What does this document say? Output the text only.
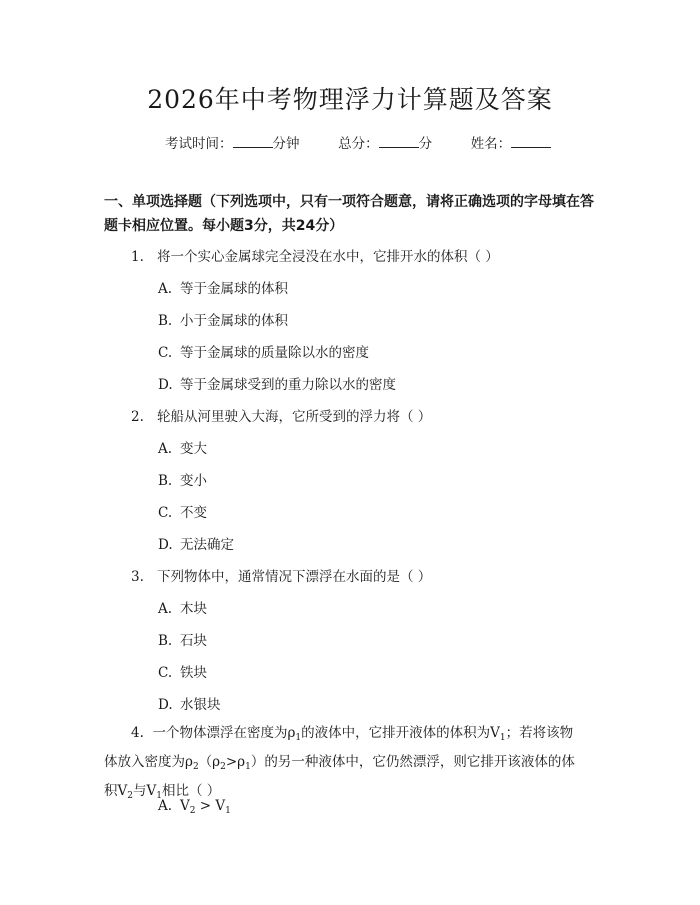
2026年中考物理浮力计算题及答案
考试时间：	分钟	总分：	分	姓名：
一、单项选择题（下列选项中，只有一项符合题意，请将正确选项的字母填在答题卡相应位置。每小题3分，共24分）
1. 将一个实心金属球完全浸没在水中，它排开水的体积（ ）
A. 等于金属球的体积
B. 小于金属球的体积
C. 等于金属球的质量除以水的密度
D. 等于金属球受到的重力除以水的密度
2. 轮船从河里驶入大海，它所受到的浮力将（ ）
A. 变大
B. 变小
C. 不变
D. 无法确定
3. 下列物体中，通常情况下漂浮在水面的是（ ）
A. 木块
B. 石块
C. 铁块
D. 水银块
4. 一个物体漂浮在密度为$\rho_1$的液体中，它排开液体的体积为$V_1$；若将该物
体放入密度为$\rho_2(\rho_2>\rho_1)$的另一种液体中，它仍然漂浮，则它排开该液体的体
积$V_2$与$V_1$相比（ ）
A. $V_2 > V_1$
